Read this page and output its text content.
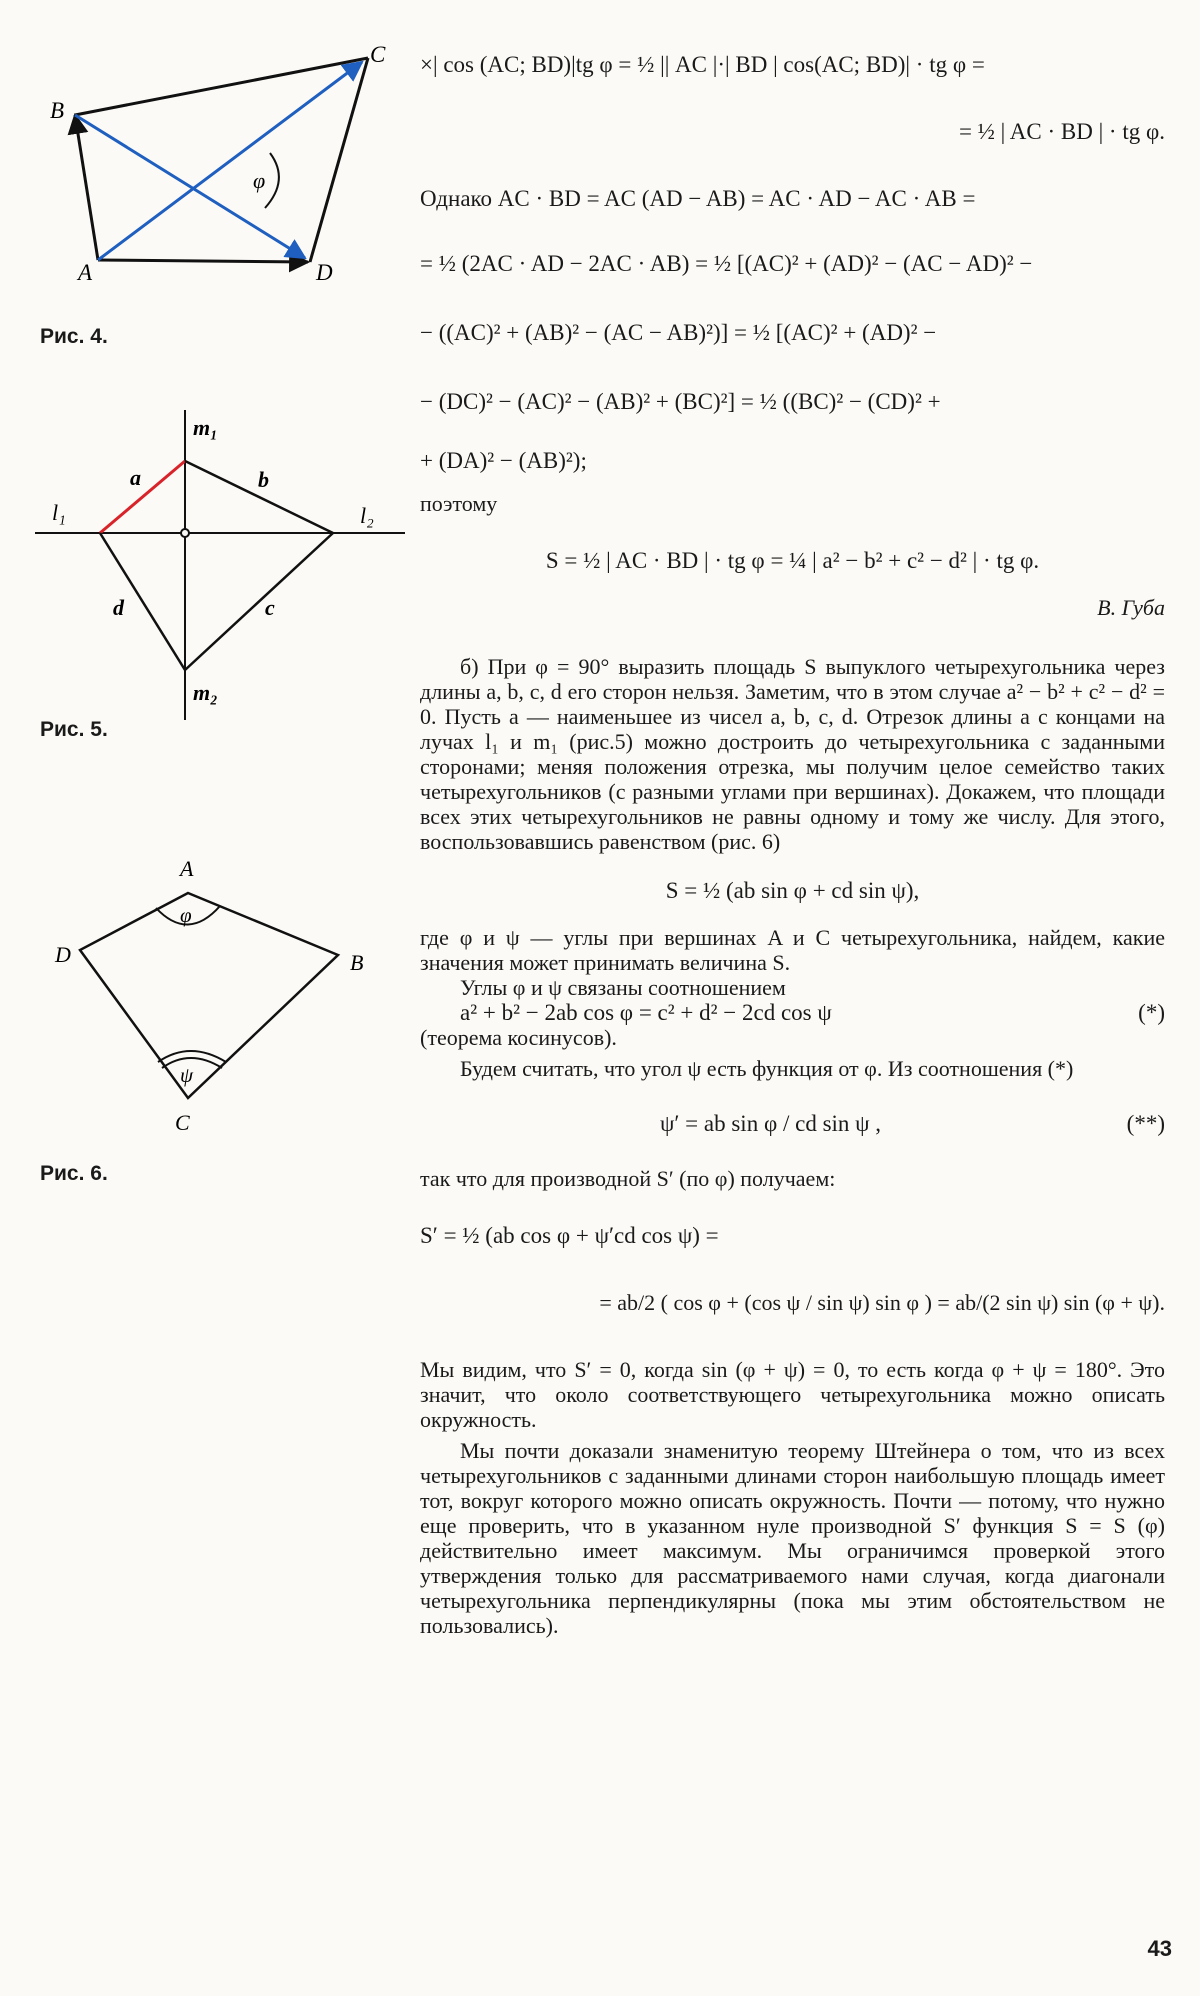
φ
A
B
C
D
Рис. 4.
m₁
m₂
l₁	l₂
a	b
c
d
Рис. 5.
φ
ψ
A
B
C
D
Рис. 6.

×| cos (AC; BD)|tg φ = ½ || AC |·| BD | cos(AC; BD)| · tg φ =

= ½ | AC · BD | · tg φ.

Однако AC · BD = AC (AD − AB) = AC · AD − AC · AB =

= ½ (2AC · AD − 2AC · AB) = ½ [(AC)² + (AD)² − (AC − AD)² −

− ((AC)² + (AB)² − (AC − AB)²)] = ½ [(AC)² + (AD)² −

− (DC)² − (AC)² − (AB)² + (BC)²] = ½ ((BC)² − (CD)² +

+ (DA)² − (AB)²);

поэтому

S = ½ | AC · BD | · tg φ = ¼ | a² − b² + c² − d² | · tg φ.

В. Губа

б) При φ = 90° выразить площадь S выпуклого четырехугольника через длины a, b, c, d его сторон нельзя. Заметим, что в этом случае a² − b² + c² − d² = 0. Пусть a — наименьшее из чисел a, b, c, d. Отрезок длины a с концами на лучах l₁ и m₁ (рис.5) можно достроить до четырехугольника с заданными сторонами; меняя положения отрезка, мы получим целое семейство таких четырехугольников (с разными углами при вершинах). Докажем, что площади всех этих четырехугольников не равны одному и тому же числу. Для этого, воспользовавшись равенством (рис. 6)

S = ½ (ab sin φ + cd sin ψ),

где φ и ψ — углы при вершинах A и C четырехугольника, найдем, какие значения может принимать величина S.

Углы φ и ψ связаны соотношением

a² + b² − 2ab cos φ = c² + d² − 2cd cos ψ	(*)

(теорема косинусов).

Будем считать, что угол ψ есть функция от φ. Из соотношения (*)

ψ′ = ab sin φ / cd sin ψ ,	(**)

так что для производной S′ (по φ) получаем:

S′ = ½ (ab cos φ + ψ′cd cos ψ) =

= ab/2 ( cos φ + (cos ψ / sin ψ) sin φ ) = ab/(2 sin ψ) sin (φ + ψ).

Мы видим, что S′ = 0, когда sin (φ + ψ) = 0, то есть когда φ + ψ = 180°. Это значит, что около соответствующего четырехугольника можно описать окружность.

Мы почти доказали знаменитую теорему Штейнера о том, что из всех четырехугольников с заданными длинами сторон наибольшую площадь имеет тот, вокруг которого можно описать окружность. Почти — потому, что нужно еще проверить, что в указанном нуле производной S′ функция S = S (φ) действительно имеет максимум. Мы ограничимся проверкой этого утверждения только для рассматриваемого нами случая, когда диагонали четырехугольника перпендикулярны (пока мы этим обстоятельством не пользовались).

43
